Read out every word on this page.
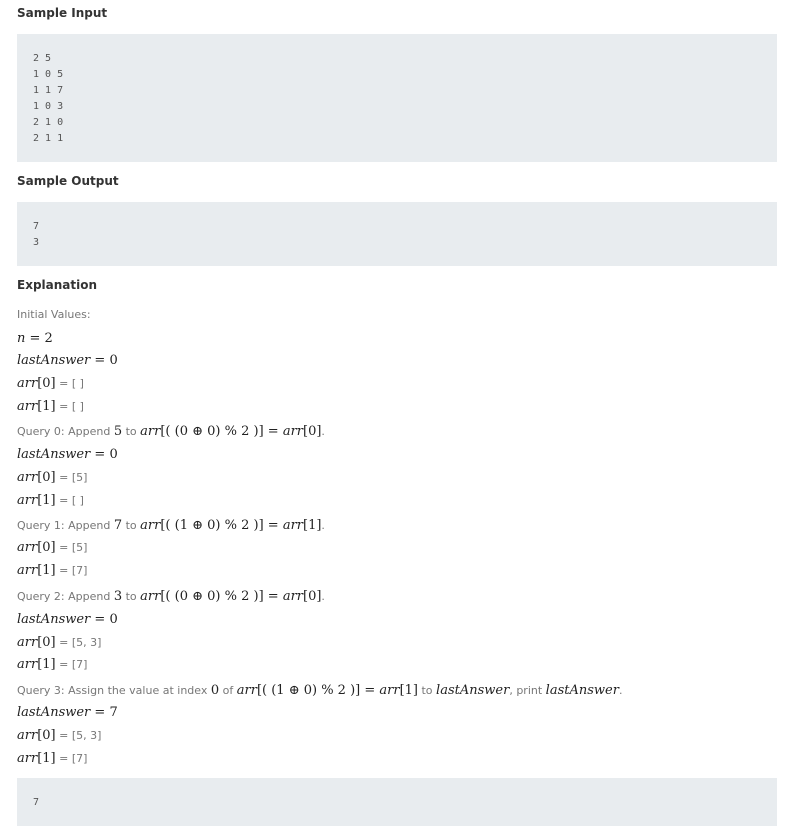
Sample Input
2 5
1 0 5
1 1 7
1 0 3
2 1 0
2 1 1
Sample Output
7
3
Explanation
Initial Values:
n = 2
lastAnswer = 0
arr[0] = [ ]
arr[1] = [ ]
Query 0: Append 5 to arr[( (0 ⊕ 0) % 2 )] = arr[0].
lastAnswer = 0
arr[0] = [5]
arr[1] = [ ]
Query 1: Append 7 to arr[( (1 ⊕ 0) % 2 )] = arr[1].
arr[0] = [5]
arr[1] = [7]
Query 2: Append 3 to arr[( (0 ⊕ 0) % 2 )] = arr[0].
lastAnswer = 0
arr[0] = [5, 3]
arr[1] = [7]
Query 3: Assign the value at index 0 of arr[( (1 ⊕ 0) % 2 )] = arr[1] to lastAnswer, print lastAnswer.
lastAnswer = 7
arr[0] = [5, 3]
arr[1] = [7]
7
